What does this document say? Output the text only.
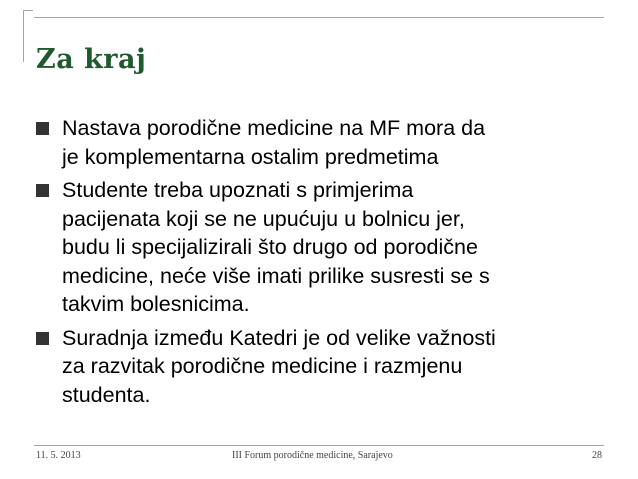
Za kraj
Nastava porodične medicine na MF mora da
je komplementarna ostalim predmetima
Studente treba upoznati s primjerima
pacijenata koji se ne upućuju u bolnicu jer,
budu li specijalizirali što drugo od porodične
medicine, neće više imati prilike susresti se s
takvim bolesnicima.
Suradnja između Katedri je od velike važnosti
za razvitak porodične medicine i razmjenu
studenta.
11. 5. 2013	III Forum porodične medicine, Sarajevo	28
